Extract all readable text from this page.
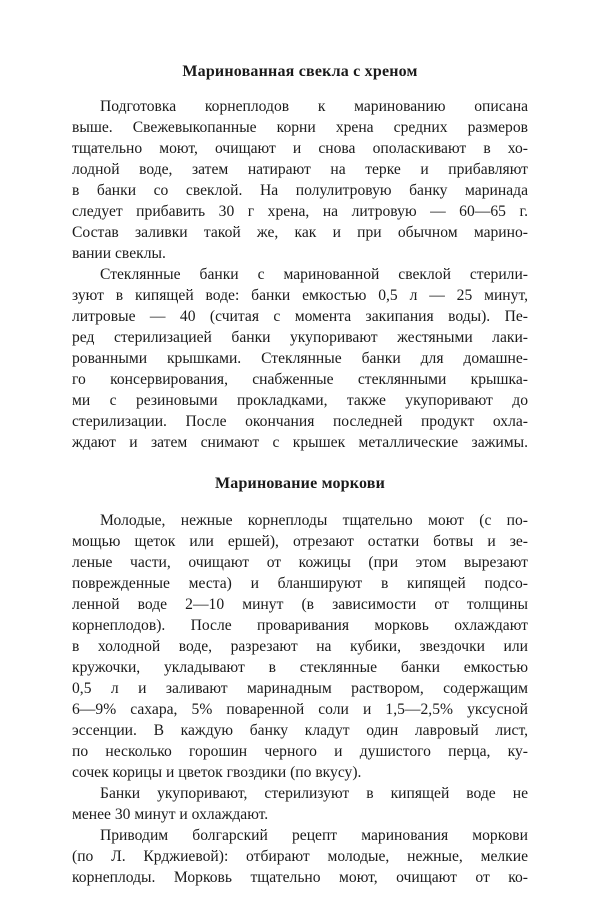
Маринованная свекла с хреном
Подготовка корнеплодов к маринованию описана
выше. Свежевыкопанные корни хрена средних размеров
тщательно моют, очищают и снова ополаскивают в хо-
лодной воде, затем натирают на терке и прибавляют
в банки со свеклой. На полулитровую банку маринада
следует прибавить 30 г хрена, на литровую — 60—65 г.
Состав заливки такой же, как и при обычном марино-
вании свеклы.
Стеклянные банки с маринованной свеклой стерили-
зуют в кипящей воде: банки емкостью 0,5 л — 25 минут,
литровые — 40 (считая с момента закипания воды). Пе-
ред стерилизацией банки укупоривают жестяными лаки-
рованными крышками. Стеклянные банки для домашне-
го консервирования, снабженные стеклянными крышка-
ми с резиновыми прокладками, также укупоривают до
стерилизации. После окончания последней продукт охла-
ждают и затем снимают с крышек металлические зажимы.
Маринование моркови
Молодые, нежные корнеплоды тщательно моют (с по-
мощью щеток или ершей), отрезают остатки ботвы и зе-
леные части, очищают от кожицы (при этом вырезают
поврежденные места) и бланшируют в кипящей подсо-
ленной воде 2—10 минут (в зависимости от толщины
корнеплодов). После проваривания морковь охлаждают
в холодной воде, разрезают на кубики, звездочки или
кружочки, укладывают в стеклянные банки емкостью
0,5 л и заливают маринадным раствором, содержащим
6—9% сахара, 5% поваренной соли и 1,5—2,5% уксусной
эссенции. В каждую банку кладут один лавровый лист,
по несколько горошин черного и душистого перца, ку-
сочек корицы и цветок гвоздики (по вкусу).
Банки укупоривают, стерилизуют в кипящей воде не
менее 30 минут и охлаждают.
Приводим болгарский рецепт маринования моркови
(по Л. Крджиевой): отбирают молодые, нежные, мелкие
корнеплоды. Морковь тщательно моют, очищают от ко-
